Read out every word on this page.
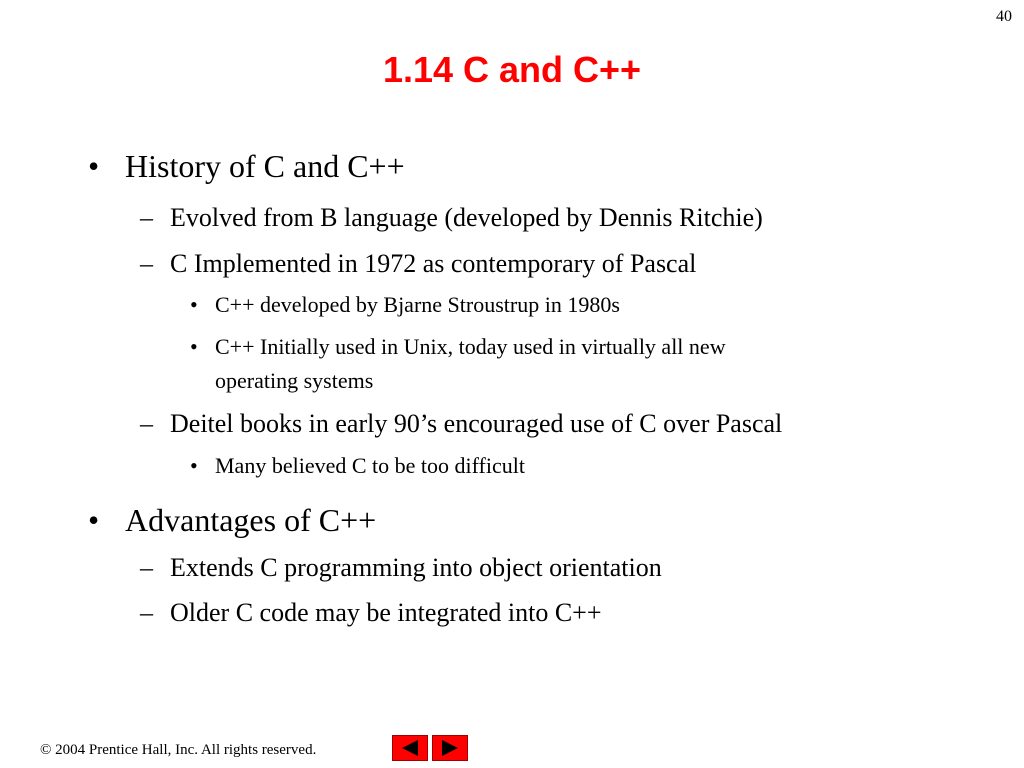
40
1.14 C and C++
• History of C and C++
– Evolved from B language (developed by Dennis Ritchie)
– C Implemented in 1972 as contemporary of Pascal
• C++ developed by Bjarne Stroustrup in 1980s
• C++ Initially used in Unix, today used in virtually all new
operating systems
– Deitel books in early 90’s encouraged use of C over Pascal
• Many believed C to be too difficult
• Advantages of C++
– Extends C programming into object orientation
– Older C code may be integrated into C++
© 2004 Prentice Hall, Inc. All rights reserved.
